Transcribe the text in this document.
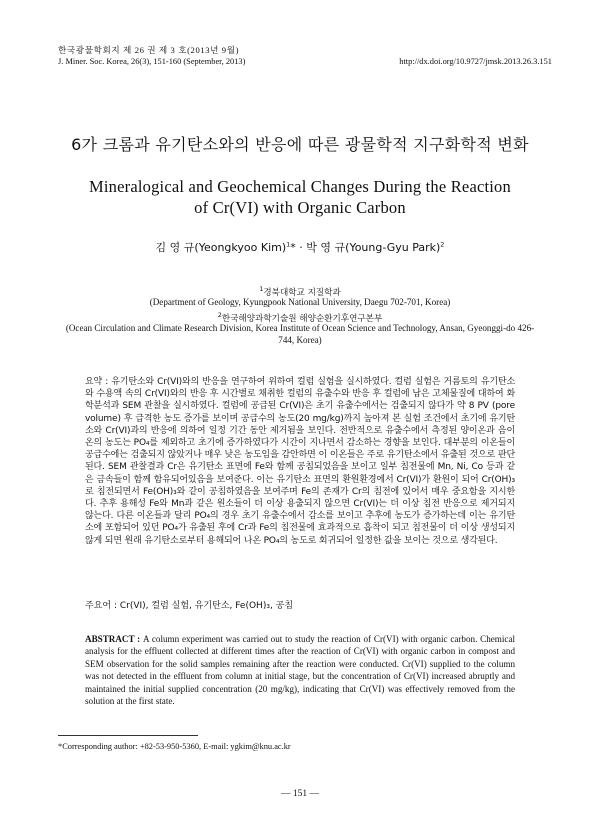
한국광물학회지 제 26 권 제 3 호(2013년 9월)
J. Miner. Soc. Korea, 26(3), 151-160 (September, 2013)	http://dx.doi.org/10.9727/jmsk.2013.26.3.151
6가 크롬과 유기탄소와의 반응에 따른 광물학적 지구화학적 변화
Mineralogical and Geochemical Changes During the Reaction of Cr(VI) with Organic Carbon
김 영 규(Yeongkyoo Kim)$^1$* · 박 영 규(Young-Gyu Park)$^2$
$^1$경북대학교 지질학과
(Department of Geology, Kyungpook National University, Daegu 702-701, Korea)
$^2$한국해양과학기술원 해양순환기후연구본부
(Ocean Circulation and Climate Research Division, Korea Institute of Ocean Science and Technology, Ansan, Gyeonggi-do 426-744, Korea)
요약 : 유기탄소와 Cr(VI)와의 반응을 연구하여 위하여 컬럼 실험을 실시하였다. 컬럼 실험은 거름토의 유기탄소와 수용액 속의 Cr(VI)와의 반응 후 시간별로 채취한 컬럼의 유출수와 반응 후 컬럼에 남은 고체물질에 대하여 화학분석과 SEM 관찰을 실시하였다. 컬럼에 공급된 Cr(VI)은 초기 유출수에서는 검출되지 않다가 약 8 PV (pore volume) 후 급격한 농도 증가를 보이며 공급수의 농도(20 mg/kg)까지 높아져 본 실험 조건에서 초기에 유기탄소와 Cr(VI)과의 반응에 의하여 일정 기간 동안 제거됨을 보인다. 전반적으로 유출수에서 측정된 양이온과 음이온의 농도는 PO₄를 제외하고 초기에 증가하였다가 시간이 지나면서 감소하는 경향을 보인다. 대부분의 이온들이 공급수에는 검출되지 않았거나 매우 낮은 농도임을 감안하면 이 이온들은 주로 유기탄소에서 유출된 것으로 판단된다. SEM 관찰결과 Cr은 유기탄소 표면에 Fe와 함께 공침되었음을 보이고 일부 침전물에 Mn, Ni, Co 등과 같은 금속들이 함께 함유되어있음을 보여준다. 이는 유기탄소 표면의 환원환경에서 Cr(VI)가 환원이 되어 Cr(OH)₃로 침전되면서 Fe(OH)₃와 같이 공침하였음을 보여주며 Fe의 존재가 Cr의 침전에 있어서 매우 중요함을 지시한다. 추후 용해성 Fe와 Mn과 같은 원소들이 더 이상 용출되지 않으면 Cr(VI)는 더 이상 침전 반응으로 제거되지 않는다. 다른 이온들과 달리 PO₄의 경우 초기 유출수에서 감소를 보이고 추후에 농도가 증가하는데 이는 유기탄소에 포함되어 있던 PO₄가 유출된 후에 Cr과 Fe의 침전물에 효과적으로 흡착이 되고 침전물이 더 이상 생성되지 않게 되면 원래 유기탄소로부터 용해되어 나온 PO₄의 농도로 회귀되어 일정한 값을 보이는 것으로 생각된다.
주요어 : Cr(VI), 컬럼 실험, 유기탄소, Fe(OH)₃, 공침
ABSTRACT : A column experiment was carried out to study the reaction of Cr(VI) with organic carbon. Chemical analysis for the effluent collected at different times after the reaction of Cr(VI) with organic carbon in compost and SEM observation for the solid samples remaining after the reaction were conducted. Cr(VI) supplied to the column was not detected in the effluent from column at initial stage, but the concentration of Cr(VI) increased abruptly and maintained the initial supplied concentration (20 mg/kg), indicating that Cr(VI) was effectively removed from the solution at the first state.
*Corresponding author: +82-53-950-5360, E-mail: ygkim@knu.ac.kr
— 151 —
